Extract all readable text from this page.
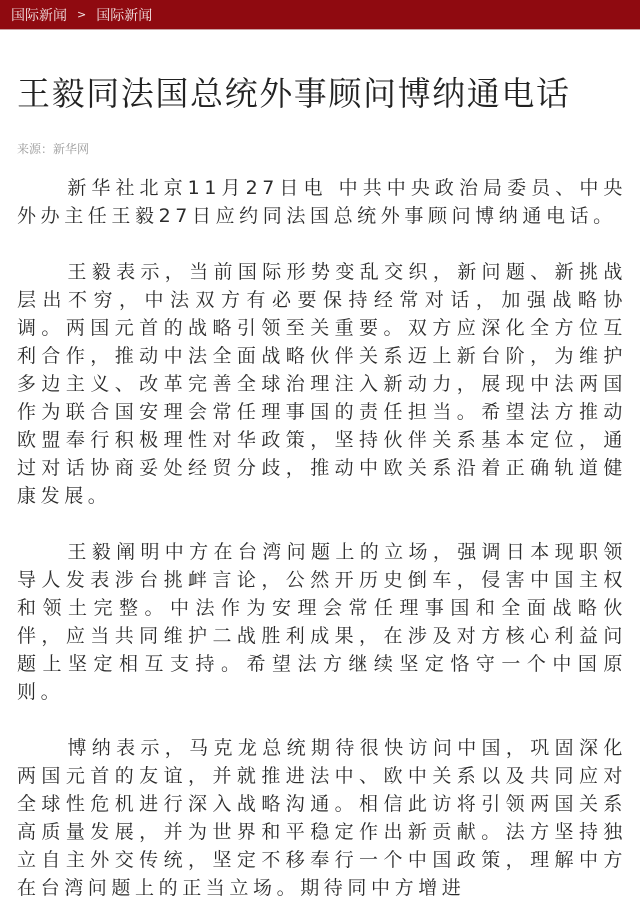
国际新闻 > 国际新闻
王毅同法国总统外事顾问博纳通电话
来源：新华网

新华社北京11月27日电 中共中央政治局委员、中央外办主任王毅27日应约同法国总统外事顾问博纳通电话。

王毅表示，当前国际形势变乱交织，新问题、新挑战层出不穷，中法双方有必要保持经常对话，加强战略协调。两国元首的战略引领至关重要。双方应深化全方位互利合作，推动中法全面战略伙伴关系迈上新台阶，为维护多边主义、改革完善全球治理注入新动力，展现中法两国作为联合国安理会常任理事国的责任担当。希望法方推动欧盟奉行积极理性对华政策，坚持伙伴关系基本定位，通过对话协商妥处经贸分歧，推动中欧关系沿着正确轨道健康发展。

王毅阐明中方在台湾问题上的立场，强调日本现职领导人发表涉台挑衅言论，公然开历史倒车，侵害中国主权和领土完整。中法作为安理会常任理事国和全面战略伙伴，应当共同维护二战胜利成果，在涉及对方核心利益问题上坚定相互支持。希望法方继续坚定恪守一个中国原则。

博纳表示，马克龙总统期待很快访问中国，巩固深化两国元首的友谊，并就推进法中、欧中关系以及共同应对全球性危机进行深入战略沟通。相信此访将引领两国关系高质量发展，并为世界和平稳定作出新贡献。法方坚持独立自主外交传统，坚定不移奉行一个中国政策，理解中方在台湾问题上的正当立场。期待同中方增进
